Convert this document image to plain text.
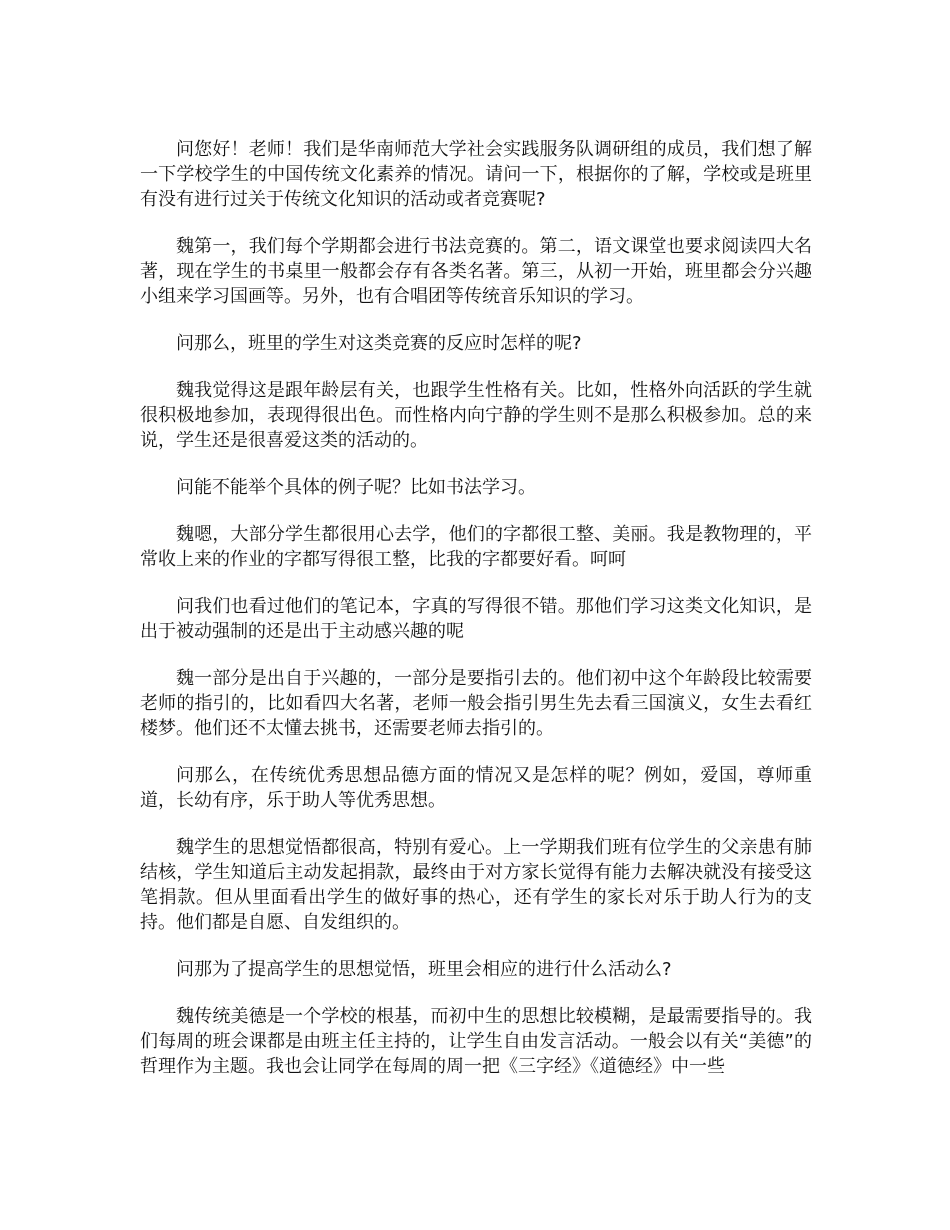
问您好！老师！我们是华南师范大学社会实践服务队调研组的成员，我们想了解一下学校学生的中国传统文化素养的情况。请问一下，根据你的了解，学校或是班里有没有进行过关于传统文化知识的活动或者竞赛呢?

魏第一，我们每个学期都会进行书法竞赛的。第二，语文课堂也要求阅读四大名著，现在学生的书桌里一般都会存有各类名著。第三，从初一开始，班里都会分兴趣小组来学习国画等。另外，也有合唱团等传统音乐知识的学习。

问那么，班里的学生对这类竞赛的反应时怎样的呢?

魏我觉得这是跟年龄层有关，也跟学生性格有关。比如，性格外向活跃的学生就很积极地参加，表现得很出色。而性格内向宁静的学生则不是那么积极参加。总的来说，学生还是很喜爱这类的活动的。

问能不能举个具体的例子呢？比如书法学习。

魏嗯，大部分学生都很用心去学，他们的字都很工整、美丽。我是教物理的，平常收上来的作业的字都写得很工整，比我的字都要好看。呵呵

问我们也看过他们的笔记本，字真的写得很不错。那他们学习这类文化知识，是出于被动强制的还是出于主动感兴趣的呢

魏一部分是出自于兴趣的，一部分是要指引去的。他们初中这个年龄段比较需要老师的指引的，比如看四大名著，老师一般会指引男生先去看三国演义，女生去看红楼梦。他们还不太懂去挑书，还需要老师去指引的。

问那么，在传统优秀思想品德方面的情况又是怎样的呢？例如，爱国，尊师重道，长幼有序，乐于助人等优秀思想。

魏学生的思想觉悟都很高，特别有爱心。上一学期我们班有位学生的父亲患有肺结核，学生知道后主动发起捐款，最终由于对方家长觉得有能力去解决就没有接受这笔捐款。但从里面看出学生的做好事的热心，还有学生的家长对乐于助人行为的支持。他们都是自愿、自发组织的。

问那为了提高学生的思想觉悟，班里会相应的进行什么活动么?

魏传统美德是一个学校的根基，而初中生的思想比较模糊，是最需要指导的。我们每周的班会课都是由班主任主持的，让学生自由发言活动。一般会以有关“美德”的哲理作为主题。我也会让同学在每周的周一把《三字经》《道德经》中一些
